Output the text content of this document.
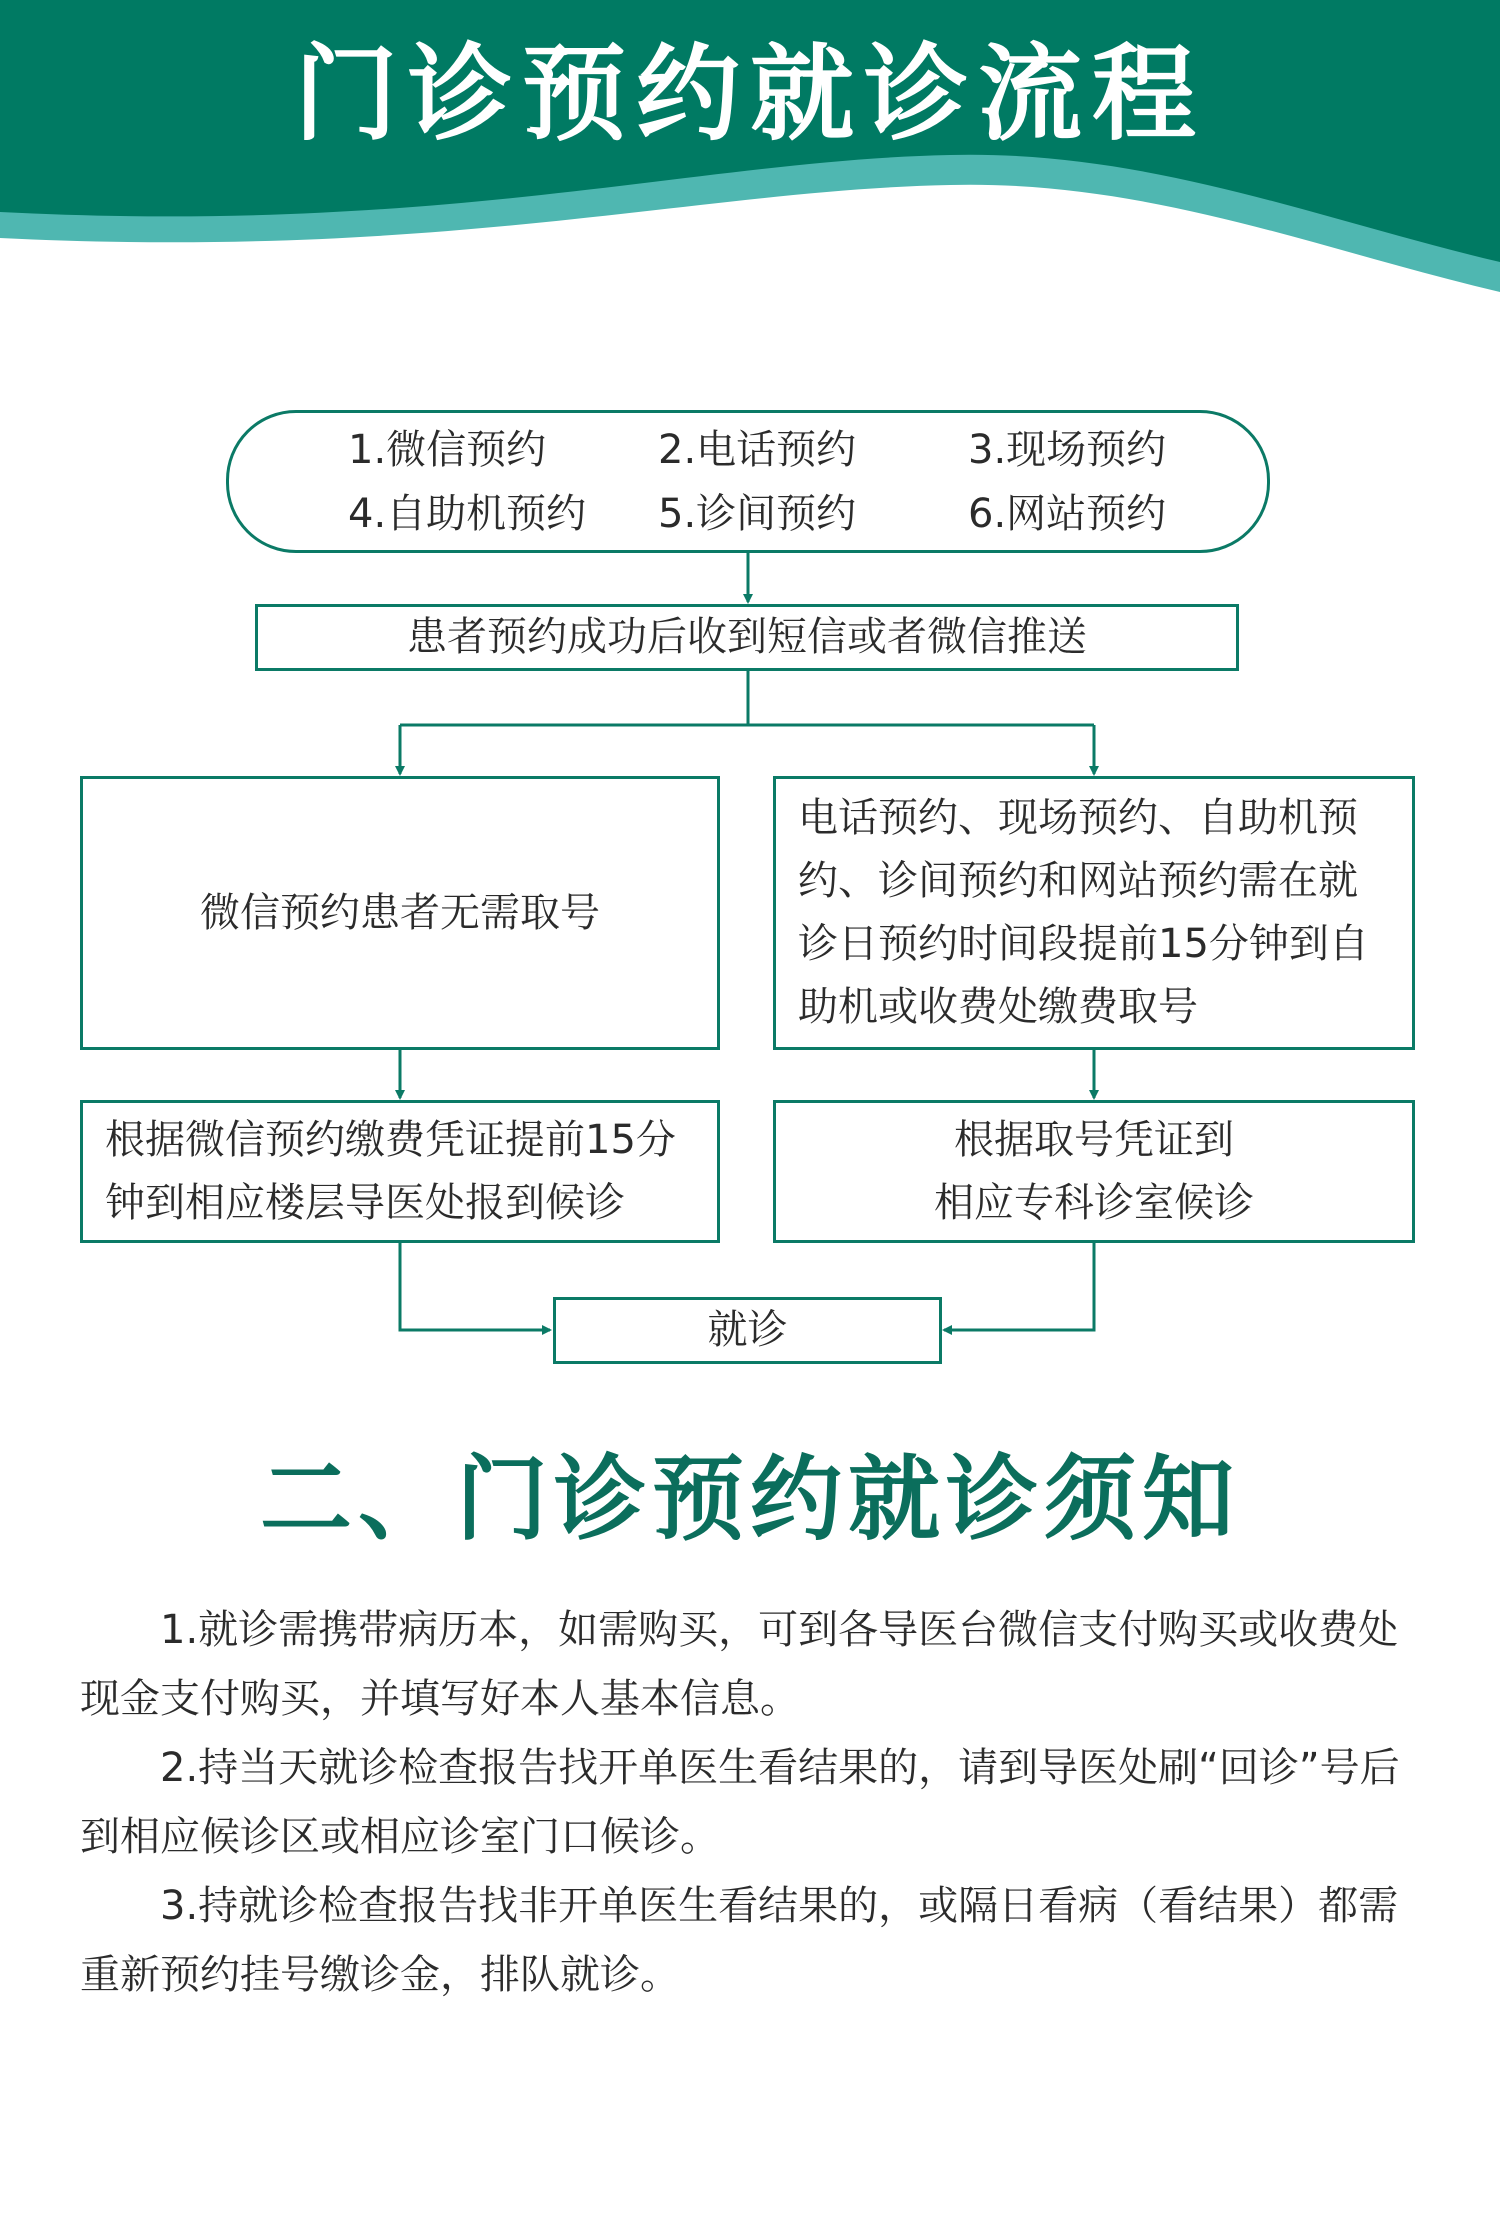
门诊预约就诊流程
1.微信预约	2.电话预约	3.现场预约
4.自助机预约	5.诊间预约	6.网站预约
患者预约成功后收到短信或者微信推送
微信预约患者无需取号
电话预约、现场预约、自助机预
约、诊间预约和网站预约需在就
诊日预约时间段提前15分钟到自
助机或收费处缴费取号
根据微信预约缴费凭证提前15分
钟到相应楼层导医处报到候诊
根据取号凭证到
相应专科诊室候诊
就诊
二、门诊预约就诊须知

1.就诊需携带病历本，如需购买，可到各导医台微信支付购买或收费处现金支付购买，并填写好本人基本信息。

2.持当天就诊检查报告找开单医生看结果的，请到导医处刷“回诊”号后到相应候诊区或相应诊室门口候诊。

3.持就诊检查报告找非开单医生看结果的，或隔日看病（看结果）都需重新预约挂号缴诊金，排队就诊。
